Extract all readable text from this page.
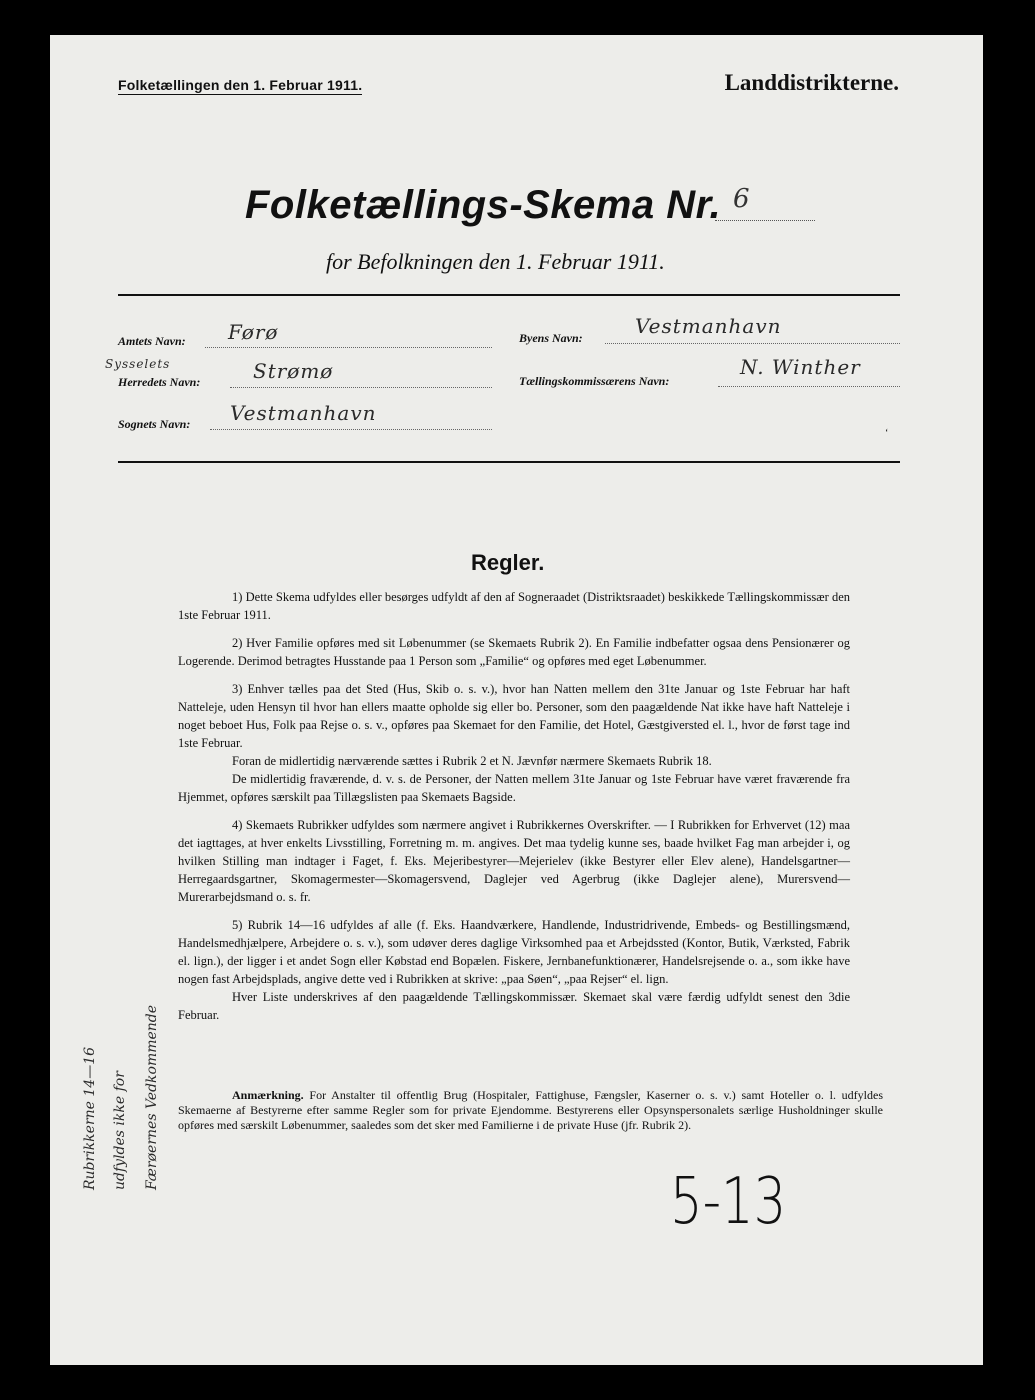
Folketællingen den 1. Februar 1911.	Landdistrikterne.
Folketællings-Skema Nr. 6
for Befolkningen den 1. Februar 1911.
Amtets Navn: Førø
Sysselets
Herredets Navn:	Strømø
Sognets Navn: Vestmanhavn
Byens Navn:	Vestmanhavn
Tællingskommissærens Navn:
N. Winther
‘
Regler.

1) Dette Skema udfyldes eller besørges udfyldt af den af Sogneraadet (Distriktsraadet) beskikkede Tællingskommissær den 1ste Februar 1911.

2) Hver Familie opføres med sit Løbenummer (se Skemaets Rubrik 2). En Familie indbefatter ogsaa dens Pensionærer og Logerende. Derimod betragtes Husstande paa 1 Person som „Familie“ og opføres med eget Løbenummer.

3) Enhver tælles paa det Sted (Hus, Skib o. s. v.), hvor han Natten mellem den 31te Januar og 1ste Februar har haft Natteleje, uden Hensyn til hvor han ellers maatte opholde sig eller bo. Personer, som den paagældende Nat ikke have haft Natteleje i noget beboet Hus, Folk paa Rejse o. s. v., opføres paa Skemaet for den Familie, det Hotel, Gæstgiversted el. l., hvor de først tage ind 1ste Februar.

Foran de midlertidig nærværende sættes i Rubrik 2 et N. Jævnfør nærmere Skemaets Rubrik 18.

De midlertidig fraværende, d. v. s. de Personer, der Natten mellem 31te Januar og 1ste Februar have været fraværende fra Hjemmet, opføres særskilt paa Tillægslisten paa Skemaets Bagside.

4) Skemaets Rubrikker udfyldes som nærmere angivet i Rubrikkernes Overskrifter. — I Rubrikken for Erhvervet (12) maa det iagttages, at hver enkelts Livsstilling, Forretning m. m. angives. Det maa tydelig kunne ses, baade hvilket Fag man arbejder i, og hvilken Stilling man indtager i Faget, f. Eks. Mejeribestyrer—Mejerielev (ikke Bestyrer eller Elev alene), Handelsgartner—Herregaardsgartner, Skomagermester—Skomagersvend, Daglejer ved Agerbrug (ikke Daglejer alene), Murersvend—Murerarbejdsmand o. s. fr.

5) Rubrik 14—16 udfyldes af alle (f. Eks. Haandværkere, Handlende, Industridrivende, Embeds- og Bestillingsmænd, Handelsmedhjælpere, Arbejdere o. s. v.), som udøver deres daglige Virksomhed paa et Arbejdssted (Kontor, Butik, Værksted, Fabrik el. lign.), der ligger i et andet Sogn eller Købstad end Bopælen. Fiskere, Jernbanefunktionærer, Handelsrejsende o. a., som ikke have nogen fast Arbejdsplads, angive dette ved i Rubrikken at skrive: „paa Søen“, „paa Rejser“ el. lign.

Hver Liste underskrives af den paagældende Tællingskommissær. Skemaet skal være færdig udfyldt senest den 3die Februar.

Anmærkning. For Anstalter til offentlig Brug (Hospitaler, Fattighuse, Fængsler, Kaserner o. s. v.) samt Hoteller o. l. udfyldes Skemaerne af Bestyrerne efter samme Regler som for private Ejendomme. Bestyrerens eller Opsynspersonalets særlige Husholdninger skulle opføres med særskilt Løbenummer, saaledes som det sker med Familierne i de private Huse (jfr. Rubrik 2).
Rubrikkerne 14—16 udfyldes ikke for Færøernes Vedkommende
5-13
